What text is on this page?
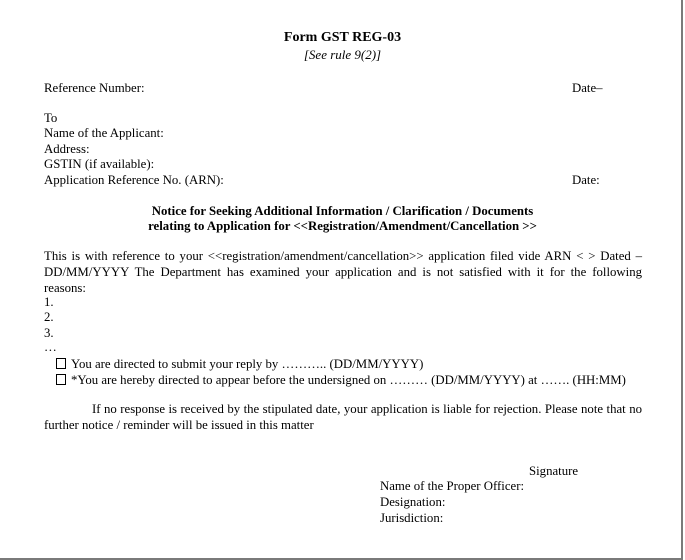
Form GST REG-03
[See rule 9(2)]
Reference Number:	Date–
To
Name of the Applicant:
Address:
GSTIN (if available):
Application Reference No. (ARN):	Date:
Notice for Seeking Additional Information / Clarification / Documents
relating to Application for <<Registration/Amendment/Cancellation >>
This is with reference to your <<registration/amendment/cancellation>> application filed vide ARN < > Dated –DD/MM/YYYY The Department has examined your application and is not satisfied with it for the following reasons:
1.
2.
3.
…
You are directed to submit your reply by ……….. (DD/MM/YYYY)
*You are hereby directed to appear before the undersigned on ……… (DD/MM/YYYY) at ……. (HH:MM)
If no response is received by the stipulated date, your application is liable for rejection. Please note that no further notice / reminder will be issued in this matter
Signature
Name of the Proper Officer:
Designation:
Jurisdiction:
